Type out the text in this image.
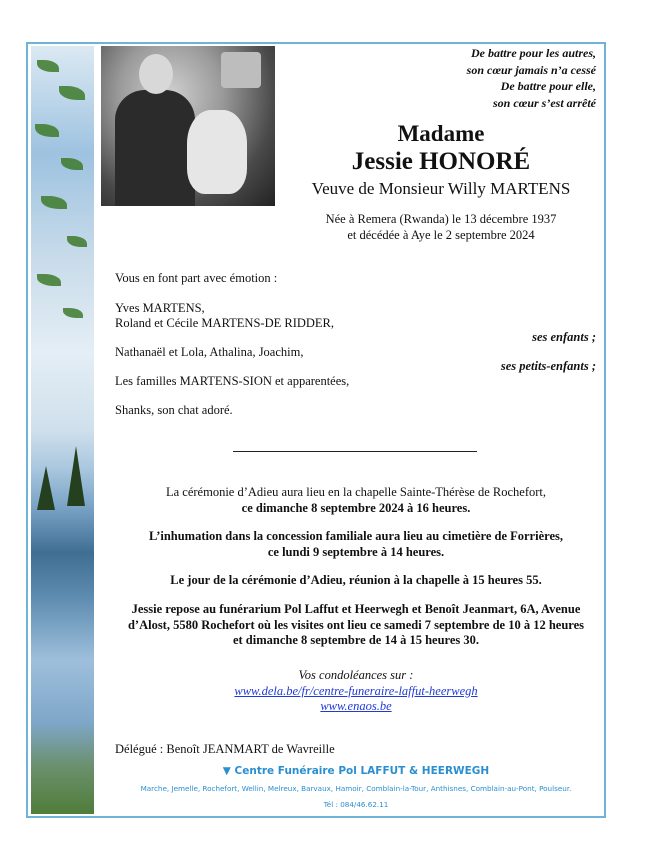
De battre pour les autres,
son cœur jamais n’a cessé
De battre pour elle,
son cœur s’est arrêté
Madame
Jessie HONORÉ
Veuve de Monsieur Willy MARTENS
Née à Remera (Rwanda) le 13 décembre 1937
et décédée à Aye le 2 septembre 2024
Vous en font part avec émotion :
Yves MARTENS,
Roland et Cécile MARTENS-DE RIDDER,
ses enfants ;
Nathanaël et Lola, Athalina, Joachim,
ses petits-enfants ;
Les familles MARTENS-SION et apparentées,
Shanks, son chat adoré.
La cérémonie d’Adieu aura lieu en la chapelle Sainte-Thérèse de Rochefort,
ce dimanche 8 septembre 2024 à 16 heures.
L’inhumation dans la concession familiale aura lieu au cimetière de Forrières,
ce lundi 9 septembre à 14 heures.
Le jour de la cérémonie d’Adieu, réunion à la chapelle à 15 heures 55.
Jessie repose au funérarium Pol Laffut et Heerwegh et Benoît Jeanmart, 6A, Avenue
d’Alost, 5580 Rochefort où les visites ont lieu ce samedi 7 septembre de 10 à 12 heures
et dimanche 8 septembre de 14 à 15 heures 30.
Vos condoléances sur :
www.dela.be/fr/centre-funeraire-laffut-heerwegh
www.enaos.be
Délégué : Benoît JEANMART de Wavreille
▼ Centre Funéraire Pol LAFFUT & HEERWEGH
Marche, Jemelle, Rochefort, Wellin, Melreux, Barvaux, Hamoir, Comblain-la-Tour, Anthisnes, Comblain-au-Pont, Poulseur.
Tél : 084/46.62.11
